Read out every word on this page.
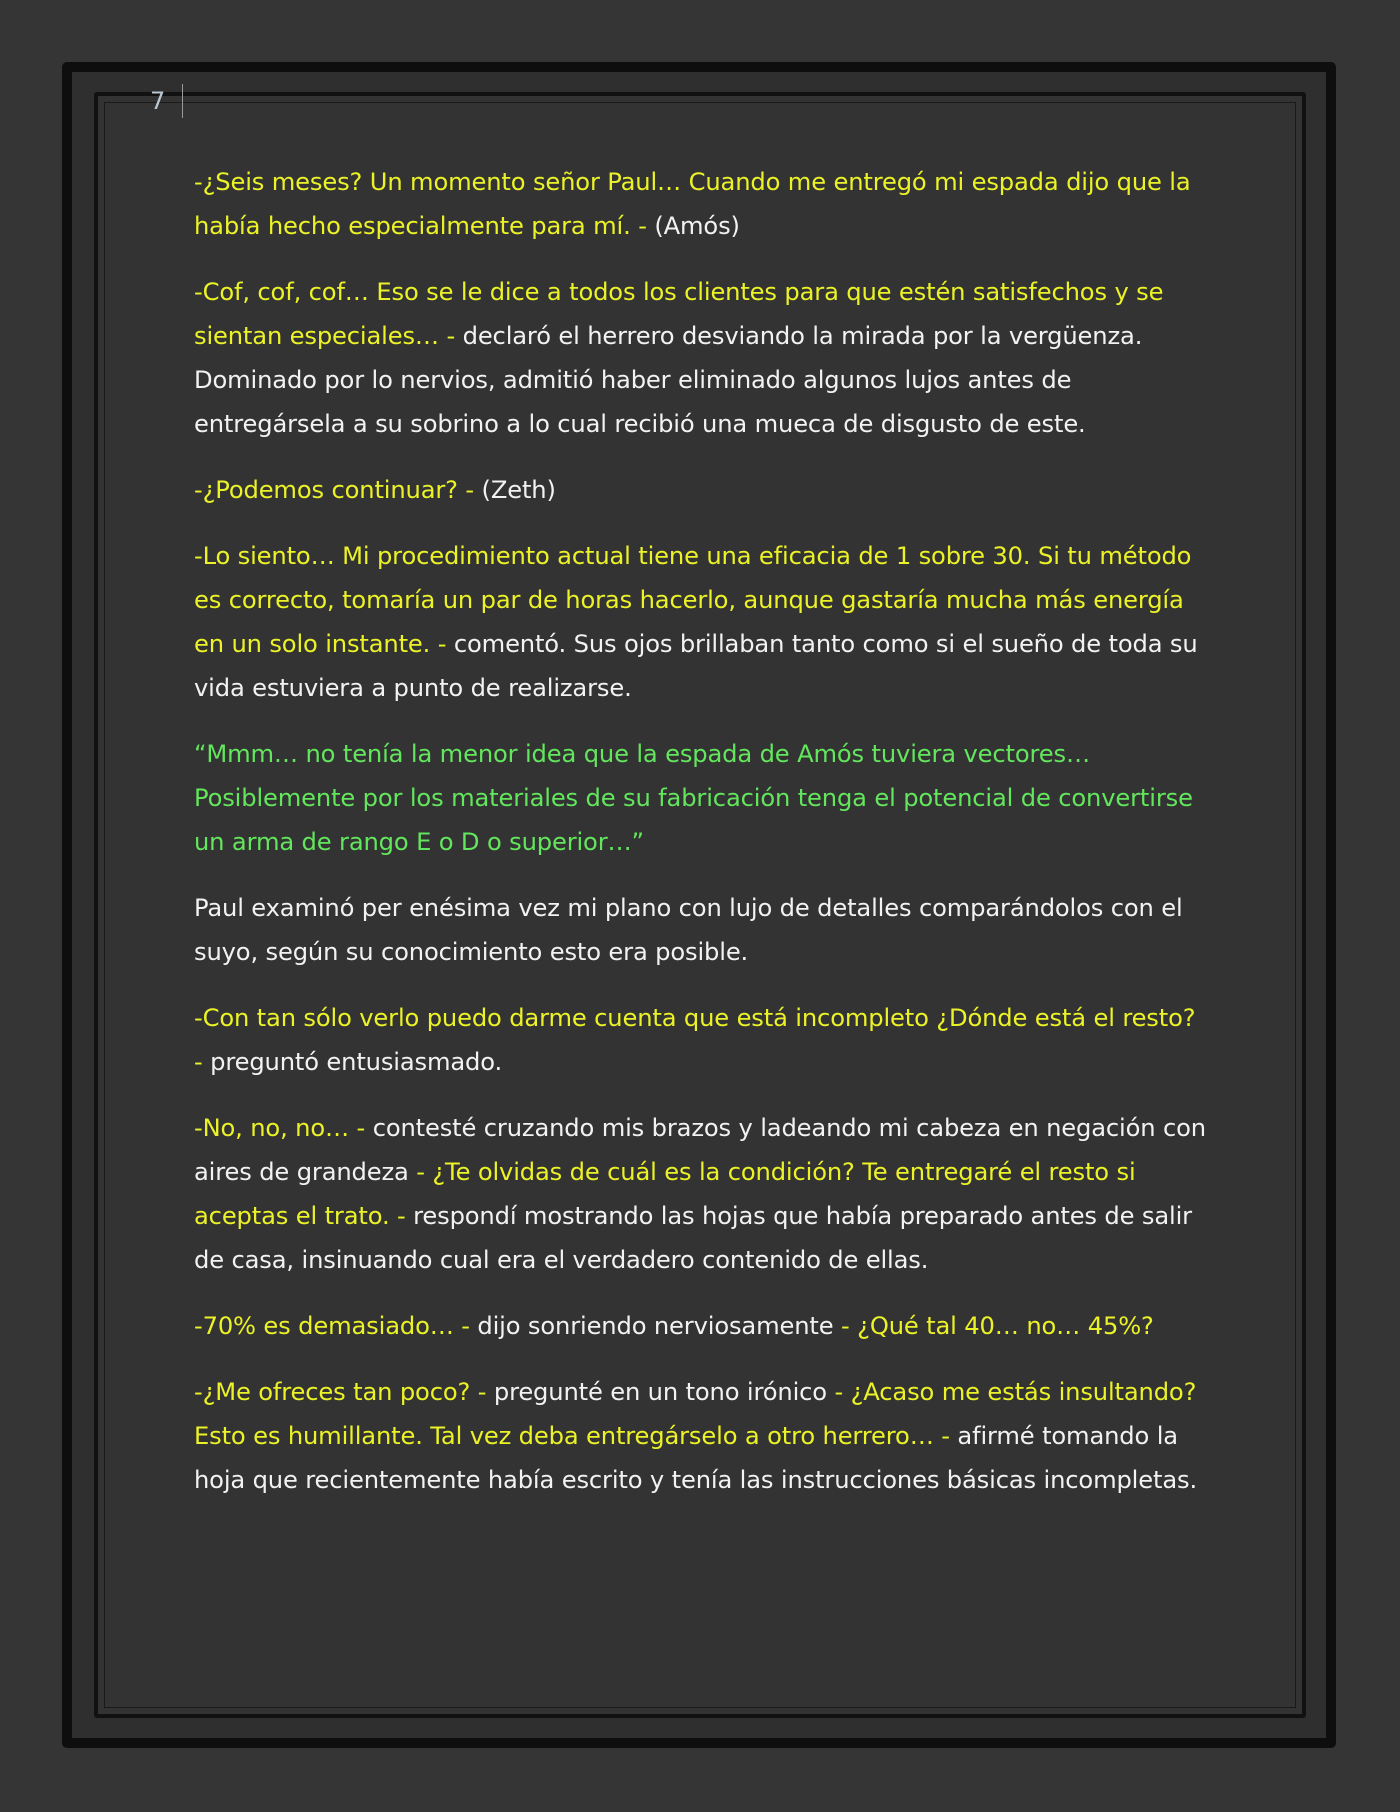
7

-¿Seis meses? Un momento señor Paul… Cuando me entregó mi espada dijo que la había hecho especialmente para mí. - (Amós)

-Cof, cof, cof… Eso se le dice a todos los clientes para que estén satisfechos y se sientan especiales… - declaró el herrero desviando la mirada por la vergüenza. Dominado por lo nervios, admitió haber eliminado algunos lujos antes de entregársela a su sobrino a lo cual recibió una mueca de disgusto de este.

-¿Podemos continuar? - (Zeth)

-Lo siento… Mi procedimiento actual tiene una eficacia de 1 sobre 30. Si tu método es correcto, tomaría un par de horas hacerlo, aunque gastaría mucha más energía en un solo instante. - comentó. Sus ojos brillaban tanto como si el sueño de toda su vida estuviera a punto de realizarse.

“Mmm… no tenía la menor idea que la espada de Amós tuviera vectores… Posiblemente por los materiales de su fabricación tenga el potencial de convertirse un arma de rango E o D o superior…”

Paul examinó per enésima vez mi plano con lujo de detalles comparándolos con el suyo, según su conocimiento esto era posible.

-Con tan sólo verlo puedo darme cuenta que está incompleto ¿Dónde está el resto? - preguntó entusiasmado.

-No, no, no… - contesté cruzando mis brazos y ladeando mi cabeza en negación con aires de grandeza - ¿Te olvidas de cuál es la condición? Te entregaré el resto si aceptas el trato. - respondí mostrando las hojas que había preparado antes de salir de casa, insinuando cual era el verdadero contenido de ellas.

-70% es demasiado… - dijo sonriendo nerviosamente - ¿Qué tal 40… no… 45%?

-¿Me ofreces tan poco? - pregunté en un tono irónico - ¿Acaso me estás insultando? Esto es humillante. Tal vez deba entregárselo a otro herrero… - afirmé tomando la hoja que recientemente había escrito y tenía las instrucciones básicas incompletas.
